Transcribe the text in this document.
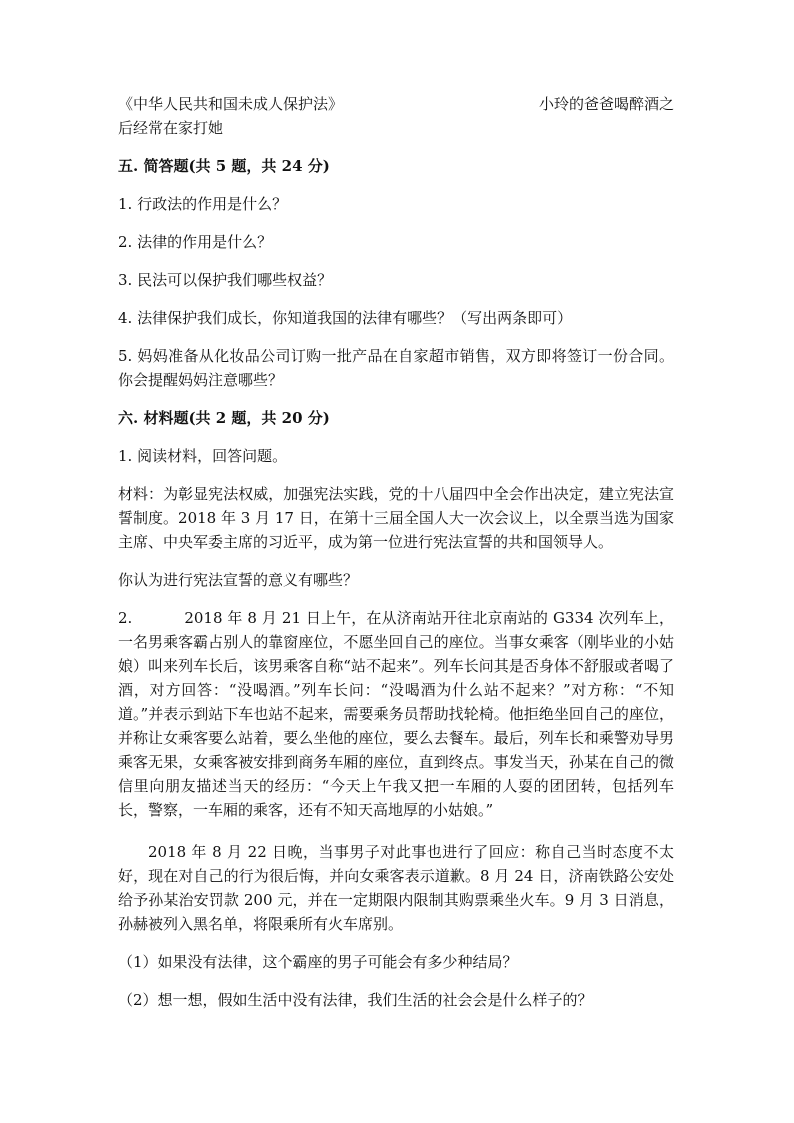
《中华人民共和国未成人保护法》	小玲的爸爸喝醉酒之

后经常在家打她

五. 简答题(共 5 题，共 24 分)

1. 行政法的作用是什么？

2. 法律的作用是什么？

3. 民法可以保护我们哪些权益？

4. 法律保护我们成长，你知道我国的法律有哪些？（写出两条即可）

5. 妈妈准备从化妆品公司订购一批产品在自家超市销售，双方即将签订一份合同。你会提醒妈妈注意哪些？

六. 材料题(共 2 题，共 20 分)

1. 阅读材料，回答问题。

材料：为彰显宪法权威，加强宪法实践，党的十八届四中全会作出决定，建立宪法宣誓制度。2018 年 3 月 17 日，在第十三届全国人大一次会议上，以全票当选为国家主席、中央军委主席的习近平，成为第一位进行宪法宣誓的共和国领导人。

你认为进行宪法宣誓的意义有哪些？

2.	2018 年 8 月 21 日上午，在从济南站开往北京南站的 G334 次列车上，一名男乘客霸占别人的靠窗座位，不愿坐回自己的座位。当事女乘客（刚毕业的小姑娘）叫来列车长后，该男乘客自称“站不起来”。列车长问其是否身体不舒服或者喝了酒，对方回答：“没喝酒。”列车长问：“没喝酒为什么站不起来？”对方称：“不知道。”并表示到站下车也站不起来，需要乘务员帮助找轮椅。他拒绝坐回自己的座位，并称让女乘客要么站着，要么坐他的座位，要么去餐车。最后，列车长和乘警劝导男乘客无果，女乘客被安排到商务车厢的座位，直到终点。事发当天，孙某在自己的微信里向朋友描述当天的经历：“今天上午我又把一车厢的人耍的团团转，包括列车长，警察，一车厢的乘客，还有不知天高地厚的小姑娘。”

2018 年 8 月 22 日晚，当事男子对此事也进行了回应：称自己当时态度不太好，现在对自己的行为很后悔，并向女乘客表示道歉。8 月 24 日，济南铁路公安处给予孙某治安罚款 200 元，并在一定期限内限制其购票乘坐火车。9 月 3 日消息，孙赫被列入黑名单，将限乘所有火车席别。

（1）如果没有法律，这个霸座的男子可能会有多少种结局？

（2）想一想，假如生活中没有法律，我们生活的社会会是什么样子的？
